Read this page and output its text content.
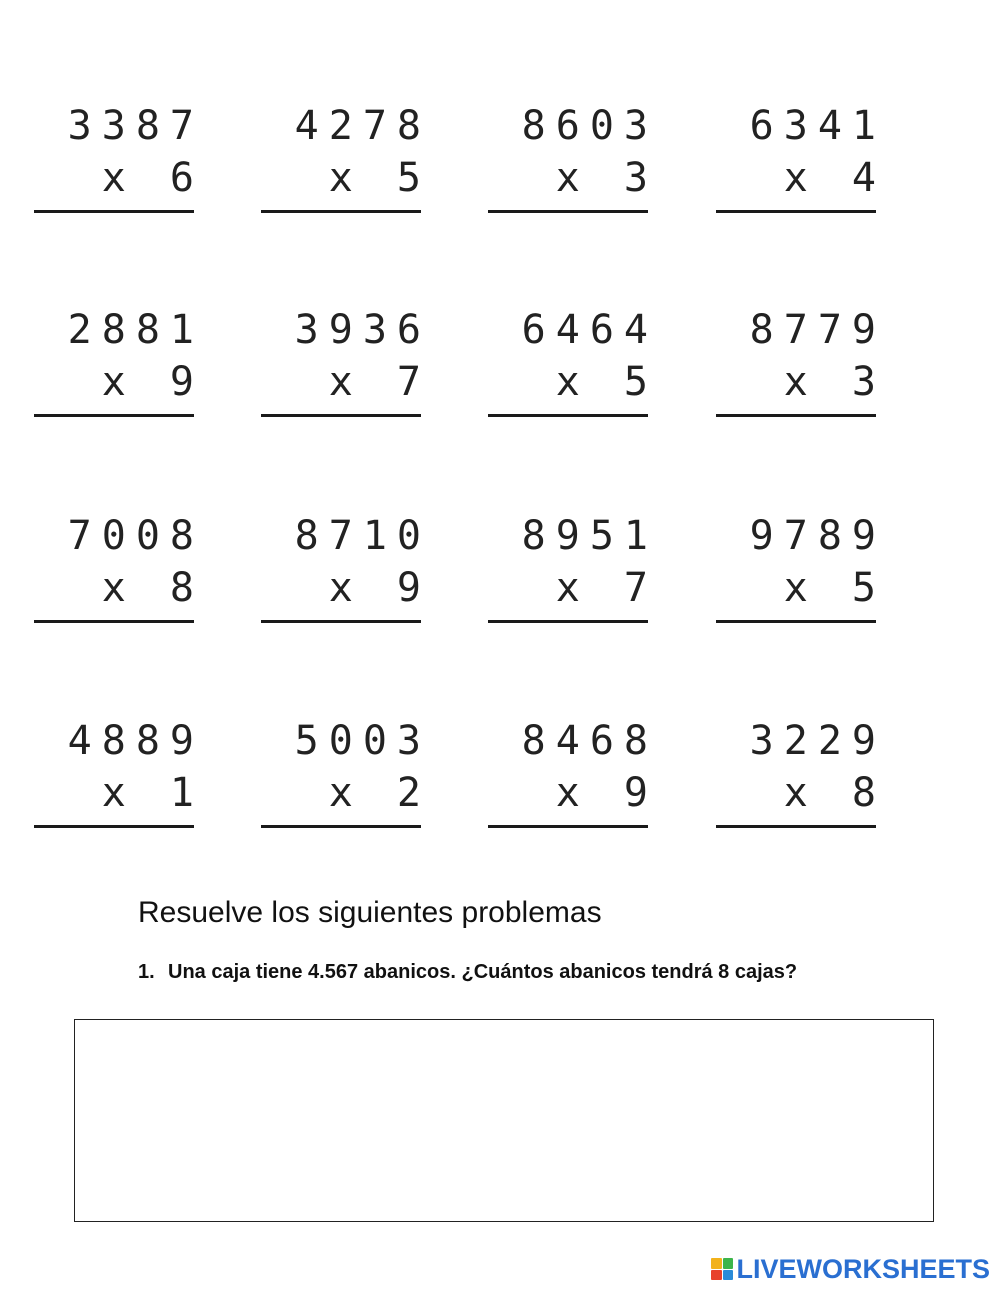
3387
x 6
4278
x 5
8603
x 3
6341
x 4
2881
x 9
3936
x 7
6464
x 5
8779
x 3
7008
x 8
8710
x 9
8951
x 7
9789
x 5
4889
x 1
5003
x 2
8468
x 9
3229
x 8
Resuelve los siguientes problemas
1. Una caja tiene 4.567 abanicos. ¿Cuántos abanicos tendrá 8 cajas?
LIVEWORKSHEETS
